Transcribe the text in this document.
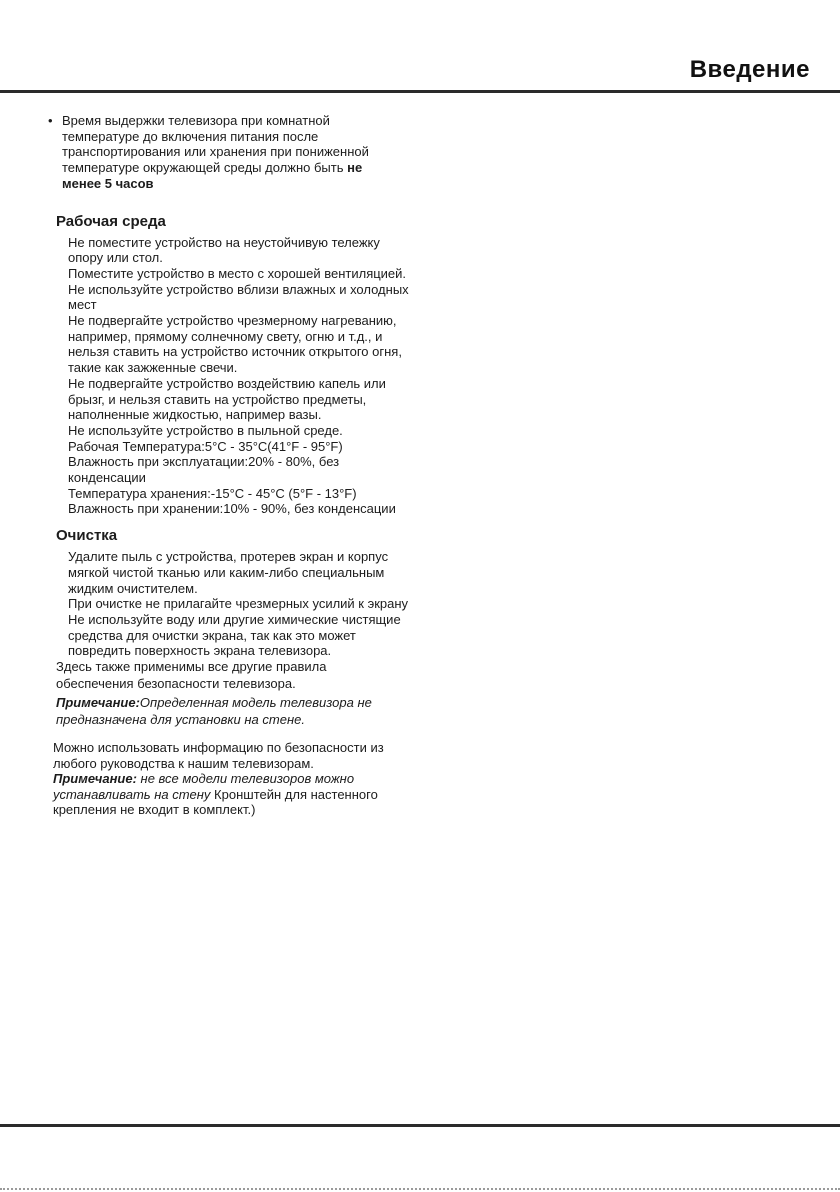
Введение
• Время выдержки телевизора при комнатной температуре до включения питания после транспортирования или хранения при пониженной температуре окружающей среды должно быть не менее 5 часов
Рабочая среда

Не поместите устройство на неустойчивую тележку опору или стол.

Поместите устройство в место с хорошей вентиляцией.

Не используйте устройство вблизи влажных и холодных мест

Не подвергайте устройство чрезмерному нагреванию, например, прямому солнечному свету, огню и т.д., и нельзя ставить на устройство источник открытого огня, такие как зажженные свечи.

Не подвергайте устройство воздействию капель или брызг, и нельзя ставить на устройство предметы, наполненные жидкостью, например вазы.

Не используйте устройство в пыльной среде.

Рабочая Температура:5°C - 35°C(41°F - 95°F)

Влажность при эксплуатации:20% - 80%, без конденсации

Температура хранения:-15°C - 45°C (5°F - 13°F)

Влажность при хранении:10% - 90%, без конденсации

Очистка

Удалите пыль с устройства, протерев экран и корпус мягкой чистой тканью или каким-либо специальным жидким очистителем.

При очистке не прилагайте чрезмерных усилий к экрану

Не используйте воду или другие химические чистящие средства для очистки экрана, так как это может повредить поверхность экрана телевизора.

Здесь также применимы все другие правила обеспечения безопасности телевизора.
Примечание:Определенная модель телевизора не предназначена для установки на стене.
Можно использовать информацию по безопасности из любого руководства к нашим телевизорам.
Примечание: не все модели телевизоров можно устанавливать на стену Кронштейн для настенного крепления не входит в комплект.)
